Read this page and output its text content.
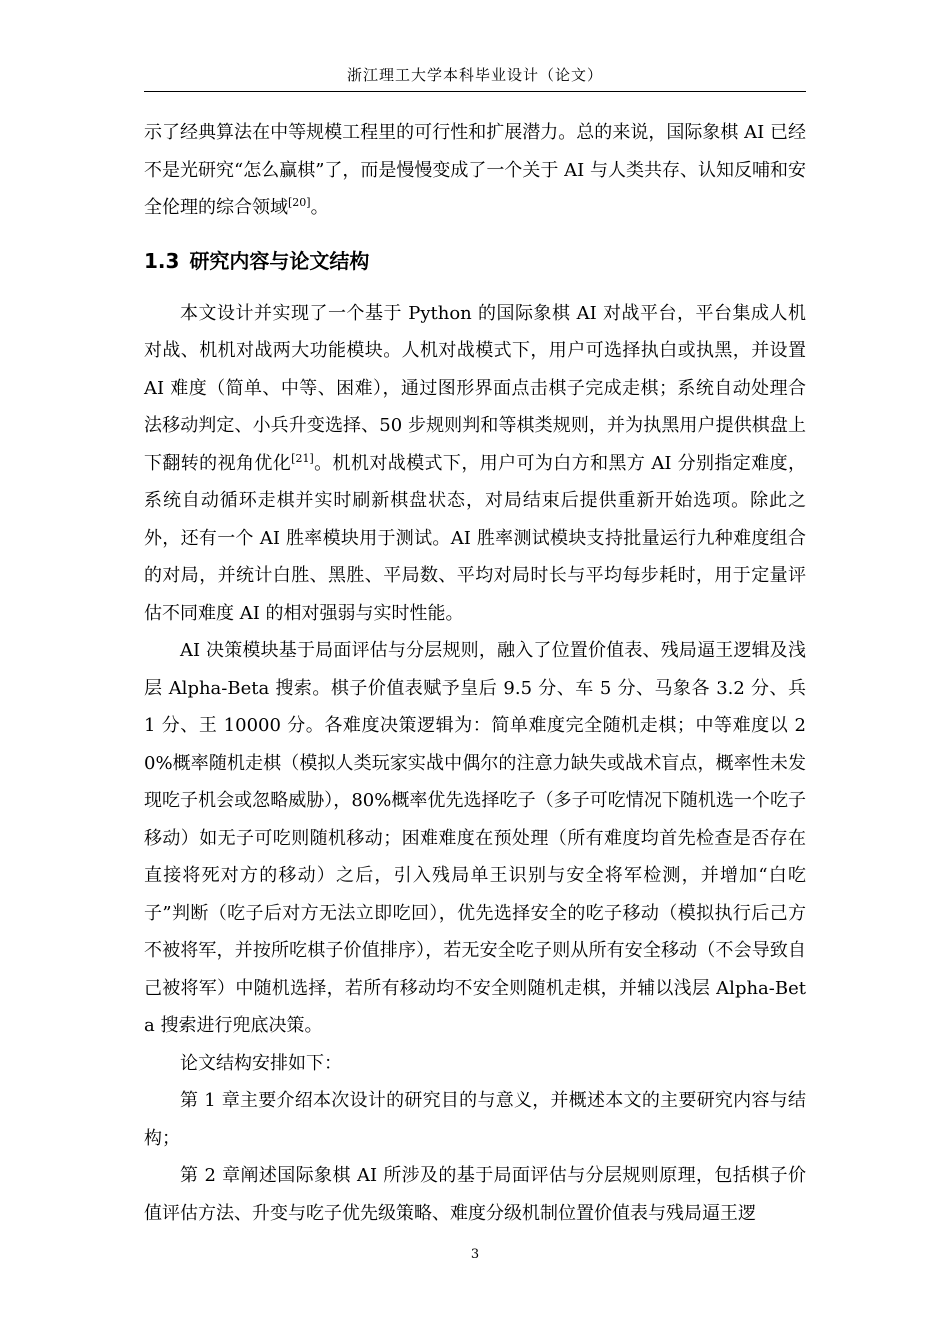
浙江理工大学本科毕业设计（论文）

示了经典算法在中等规模工程里的可行性和扩展潜力。总的来说，国际象棋 AI 已经不是光研究“怎么赢棋”了，而是慢慢变成了一个关于 AI 与人类共存、认知反哺和安全伦理的综合领域[20]。

1.3 研究内容与论文结构

本文设计并实现了一个基于 Python 的国际象棋 AI 对战平台，平台集成人机对战、机机对战两大功能模块。人机对战模式下，用户可选择执白或执黑，并设置 AI 难度（简单、中等、困难），通过图形界面点击棋子完成走棋；系统自动处理合法移动判定、小兵升变选择、50 步规则判和等棋类规则，并为执黑用户提供棋盘上下翻转的视角优化[21]。机机对战模式下，用户可为白方和黑方 AI 分别指定难度，系统自动循环走棋并实时刷新棋盘状态，对局结束后提供重新开始选项。除此之外，还有一个 AI 胜率模块用于测试。AI 胜率测试模块支持批量运行九种难度组合的对局，并统计白胜、黑胜、平局数、平均对局时长与平均每步耗时，用于定量评估不同难度 AI 的相对强弱与实时性能。

AI 决策模块基于局面评估与分层规则，融入了位置价值表、残局逼王逻辑及浅层 Alpha-Beta 搜索。棋子价值表赋予皇后 9.5 分、车 5 分、马象各 3.2 分、兵 1 分、王 10000 分。各难度决策逻辑为：简单难度完全随机走棋；中等难度以 20%概率随机走棋（模拟人类玩家实战中偶尔的注意力缺失或战术盲点，概率性未发现吃子机会或忽略威胁），80%概率优先选择吃子（多子可吃情况下随机选一个吃子移动）如无子可吃则随机移动；困难难度在预处理（所有难度均首先检查是否存在直接将死对方的移动）之后，引入残局单王识别与安全将军检测，并增加“白吃子”判断（吃子后对方无法立即吃回），优先选择安全的吃子移动（模拟执行后己方不被将军，并按所吃棋子价值排序），若无安全吃子则从所有安全移动（不会导致自己被将军）中随机选择，若所有移动均不安全则随机走棋，并辅以浅层 Alpha-Beta 搜索进行兜底决策。

论文结构安排如下：

第 1 章主要介绍本次设计的研究目的与意义，并概述本文的主要研究内容与结构；

第 2 章阐述国际象棋 AI 所涉及的基于局面评估与分层规则原理，包括棋子价值评估方法、升变与吃子优先级策略、难度分级机制位置价值表与残局逼王逻

3
